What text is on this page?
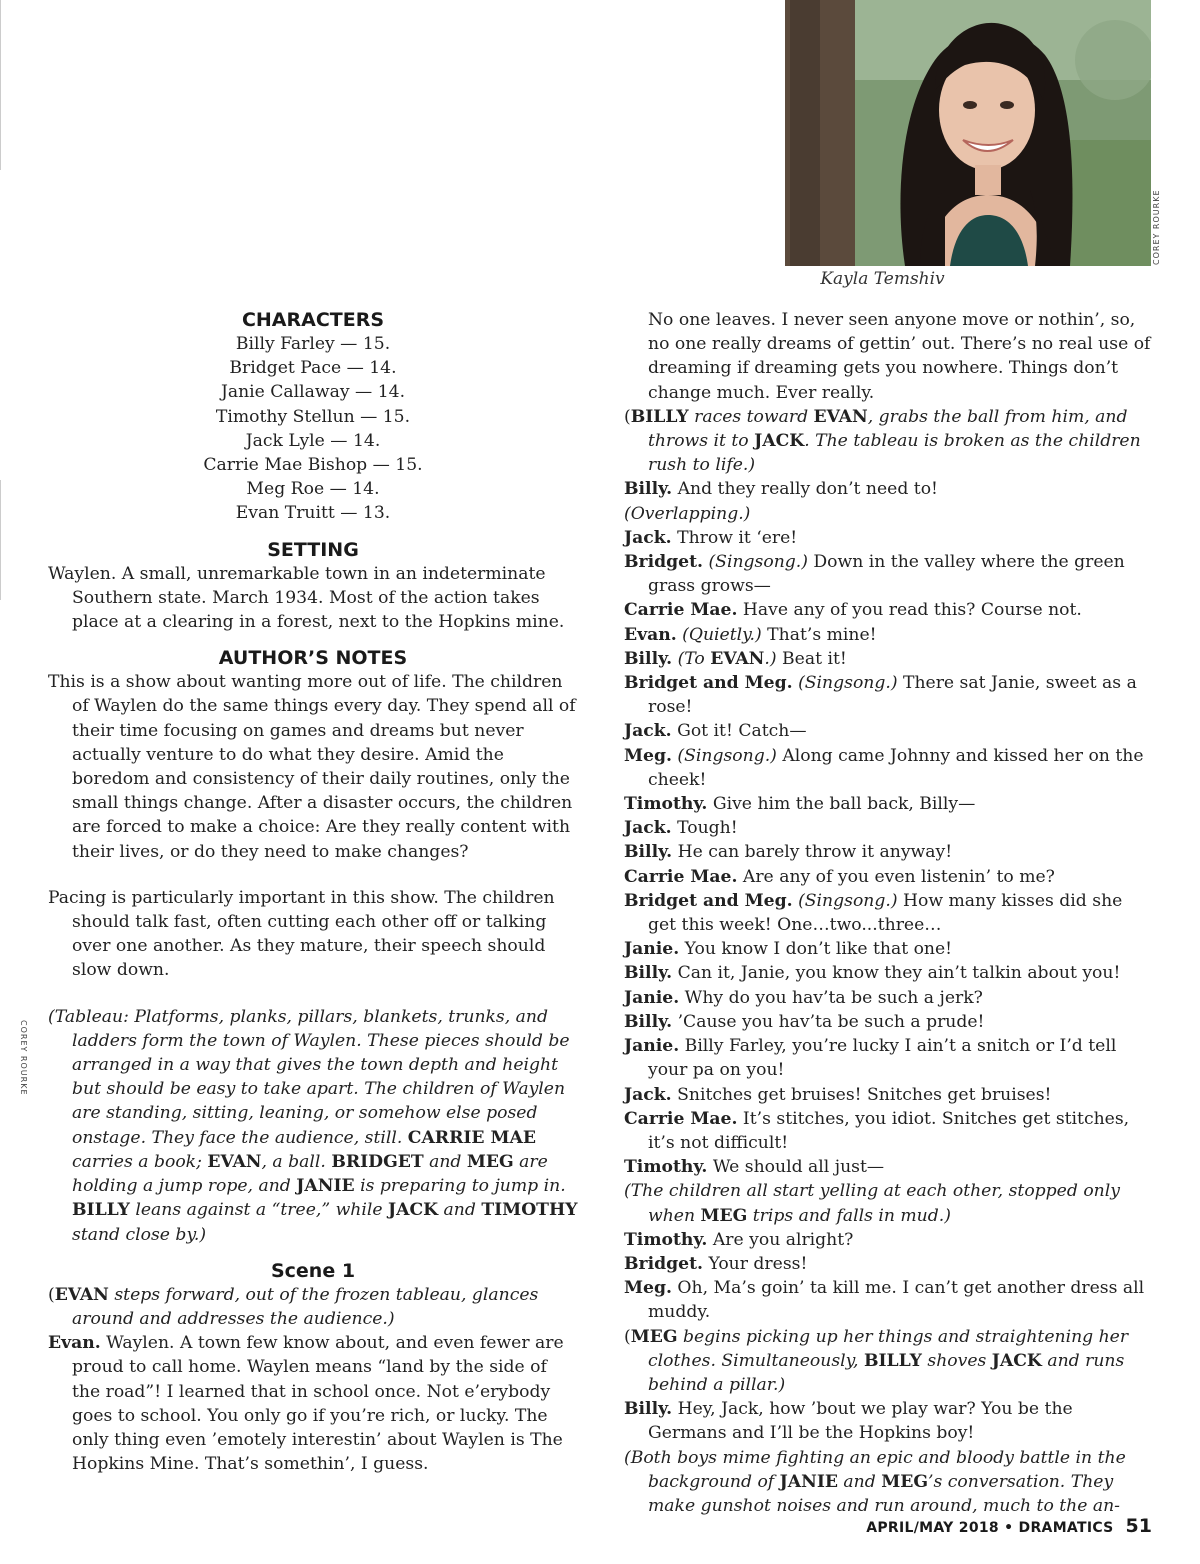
COREY ROURKE
Kayla Temshiv
COREY ROURKE
CHARACTERS
Billy Farley — 15.
Bridget Pace — 14.
Janie Callaway — 14.
Timothy Stellun — 15.
Jack Lyle — 14.
Carrie Mae Bishop — 15.
Meg Roe — 14.
Evan Truitt — 13.
SETTING
Waylen. A small, unremarkable town in an indeterminate Southern state. March 1934. Most of the action takes place at a clearing in a forest, next to the Hopkins mine.
AUTHOR’S NOTES
This is a show about wanting more out of life. The children of Waylen do the same things every day. They spend all of their time focusing on games and dreams but never actually venture to do what they desire. Amid the boredom and consistency of their daily routines, only the small things change. After a disaster occurs, the children are forced to make a choice: Are they really content with their lives, or do they need to make changes?
Pacing is particularly important in this show. The children should talk fast, often cutting each other off or talking over one another. As they mature, their speech should slow down.
(Tableau: Platforms, planks, pillars, blankets, trunks, and ladders form the town of Waylen. These pieces should be arranged in a way that gives the town depth and height but should be easy to take apart. The children of Waylen are standing, sitting, leaning, or somehow else posed onstage. They face the audience, still. CARRIE MAE carries a book; EVAN, a ball. BRIDGET and MEG are holding a jump rope, and JANIE is preparing to jump in. BILLY leans against a “tree,” while JACK and TIMOTHY stand close by.)
Scene 1
(EVAN steps forward, out of the frozen tableau, glances around and addresses the audience.)
Evan. Waylen. A town few know about, and even fewer are proud to call home. Waylen means “land by the side of the road”! I learned that in school once. Not e’erybody goes to school. You only go if you’re rich, or lucky. The only thing even ’emotely interestin’ about Waylen is The Hopkins Mine. That’s somethin’, I guess.
No one leaves. I never seen anyone move or nothin’, so, no one really dreams of gettin’ out. There’s no real use of dreaming if dreaming gets you nowhere. Things don’t change much. Ever really.
(BILLY races toward EVAN, grabs the ball from him, and throws it to JACK. The tableau is broken as the children rush to life.)
Billy. And they really don’t need to!
(Overlapping.)
Jack. Throw it ‘ere!
Bridget. (Singsong.) Down in the valley where the green grass grows—
Carrie Mae. Have any of you read this? Course not.
Evan. (Quietly.) That’s mine!
Billy. (To EVAN.) Beat it!
Bridget and Meg. (Singsong.) There sat Janie, sweet as a rose!
Jack. Got it! Catch—
Meg. (Singsong.) Along came Johnny and kissed her on the cheek!
Timothy. Give him the ball back, Billy—
Jack. Tough!
Billy. He can barely throw it anyway!
Carrie Mae. Are any of you even listenin’ to me?
Bridget and Meg. (Singsong.) How many kisses did she get this week! One…two...three…
Janie. You know I don’t like that one!
Billy. Can it, Janie, you know they ain’t talkin about you!
Janie. Why do you hav’ta be such a jerk?
Billy. ’Cause you hav’ta be such a prude!
Janie. Billy Farley, you’re lucky I ain’t a snitch or I’d tell your pa on you!
Jack. Snitches get bruises! Snitches get bruises!
Carrie Mae. It’s stitches, you idiot. Snitches get stitches, it’s not difficult!
Timothy. We should all just—
(The children all start yelling at each other, stopped only when MEG trips and falls in mud.)
Timothy. Are you alright?
Bridget. Your dress!
Meg. Oh, Ma’s goin’ ta kill me. I can’t get another dress all muddy.
(MEG begins picking up her things and straightening her clothes. Simultaneously, BILLY shoves JACK and runs behind a pillar.)
Billy. Hey, Jack, how ’bout we play war? You be the Germans and I’ll be the Hopkins boy!
(Both boys mime fighting an epic and bloody battle in the background of JANIE and MEG’s conversation. They make gunshot noises and run around, much to the an-
APRIL/MAY 2018 • DRAMATICS 51
